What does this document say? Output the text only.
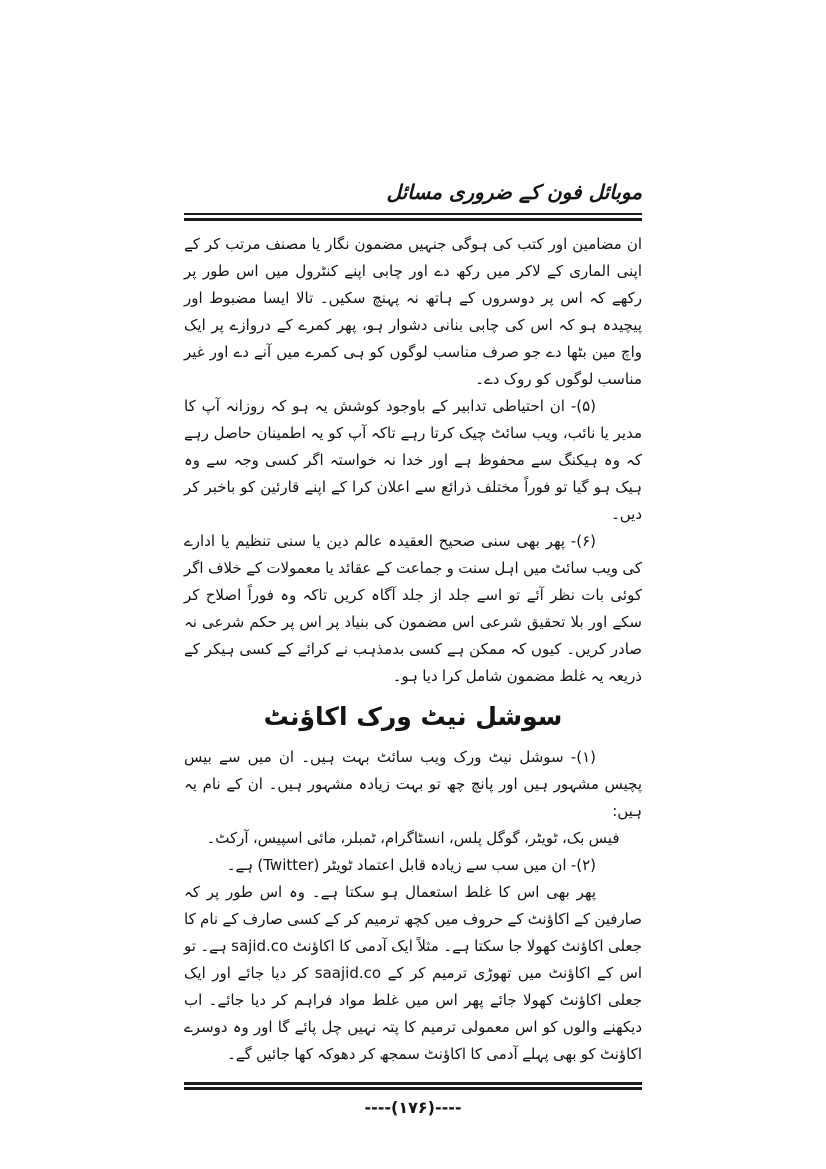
موبائل فون کے ضروری مسائل

ان مضامین اور کتب کی ہوگی جنہیں مضمون نگار یا مصنف مرتب کر کے اپنی الماری کے لاکر میں رکھ دے اور چابی اپنے کنٹرول میں اس طور پر رکھے کہ اس پر دوسروں کے ہاتھ نہ پہنچ سکیں۔ تالا ایسا مضبوط اور پیچیدہ ہو کہ اس کی چابی بنانی دشوار ہو، پھر کمرے کے دروازے پر ایک واچ مین بٹھا دے جو صرف مناسب لوگوں کو ہی کمرے میں آنے دے اور غیر مناسب لوگوں کو روک دے۔

(۵)- ان احتیاطی تدابیر کے باوجود کوشش یہ ہو کہ روزانہ آپ کا مدیر یا نائب، ویب سائٹ چیک کرتا رہے تاکہ آپ کو یہ اطمینان حاصل رہے کہ وہ ہیکنگ سے محفوظ ہے اور خدا نہ خواستہ اگر کسی وجہ سے وہ ہیک ہو گیا تو فوراً مختلف ذرائع سے اعلان کرا کے اپنے قارئین کو باخبر کر دیں۔

(۶)- پھر بھی سنی صحیح العقیدہ عالم دین یا سنی تنظیم یا ادارے کی ویب سائٹ میں اہل سنت و جماعت کے عقائد یا معمولات کے خلاف اگر کوئی بات نظر آئے تو اسے جلد از جلد آگاہ کریں تاکہ وہ فوراً اصلاح کر سکے اور بلا تحقیق شرعی اس مضمون کی بنیاد پر اس پر حکم شرعی نہ صادر کریں۔ کیوں کہ ممکن ہے کسی بدمذہب نے کرائے کے کسی ہیکر کے ذریعہ یہ غلط مضمون شامل کرا دیا ہو۔

سوشل نیٹ ورک اکاؤنٹ

(۱)- سوشل نیٹ ورک ویب سائٹ بہت ہیں۔ ان میں سے بیس پچیس مشہور ہیں اور پانچ چھ تو بہت زیادہ مشہور ہیں۔ ان کے نام یہ ہیں:

فیس بک، ٹویٹر، گوگل پلس، انسٹاگرام، ٹمبلر، مائی اسپیس، آرکٹ۔

(۲)- ان میں سب سے زیادہ قابل اعتماد ٹویٹر (Twitter) ہے۔

پھر بھی اس کا غلط استعمال ہو سکتا ہے۔ وہ اس طور پر کہ صارفین کے اکاؤنٹ کے حروف میں کچھ ترمیم کر کے کسی صارف کے نام کا جعلی اکاؤنٹ کھولا جا سکتا ہے۔ مثلاً ایک آدمی کا اکاؤنٹ sajid.co ہے۔ تو اس کے اکاؤنٹ میں تھوڑی ترمیم کر کے saajid.co کر دیا جائے اور ایک جعلی اکاؤنٹ کھولا جائے پھر اس میں غلط مواد فراہم کر دیا جائے۔ اب دیکھنے والوں کو اس معمولی ترمیم کا پتہ نہیں چل پائے گا اور وہ دوسرے اکاؤنٹ کو بھی پہلے آدمی کا اکاؤنٹ سمجھ کر دھوکہ کھا جائیں گے۔

----(۱۷۶)----
